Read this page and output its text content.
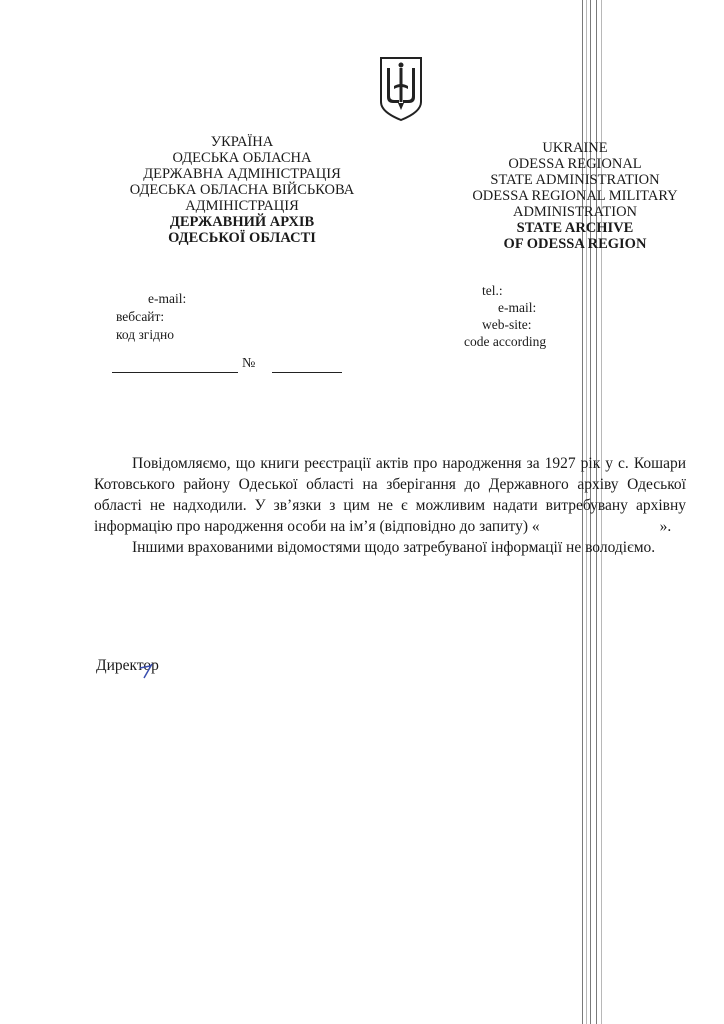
УКРАЇНА
ОДЕСЬКА ОБЛАСНА
ДЕРЖАВНА АДМІНІСТРАЦІЯ
ОДЕСЬКА ОБЛАСНА ВІЙСЬКОВА
АДМІНІСТРАЦІЯ
ДЕРЖАВНИЙ АРХІВ
ОДЕСЬКОЇ ОБЛАСТІ
UKRAINE
ODESSA REGIONAL
STATE ADMINISTRATION
ODESSA REGIONAL MILITARY
ADMINISTRATION
STATE ARCHIVE
OF ODESSA REGION
e-mail:
вебсайт:
код згідно
tel.:
e-mail:
web-site:
code according
№

Повідомляємо, що книги реєстрації актів про народження за 1927 рік у с. Кошари Котовського району Одеської області на зберігання до Державного архіву Одеської області не надходили. У зв’язки з цим не є можливим надати витребувану архівну інформацію про народження особи на ім’я (відповідно до запиту) «	».

Іншими врахованими відомостями щодо затребуваної інформації не володіємо.

Директор
